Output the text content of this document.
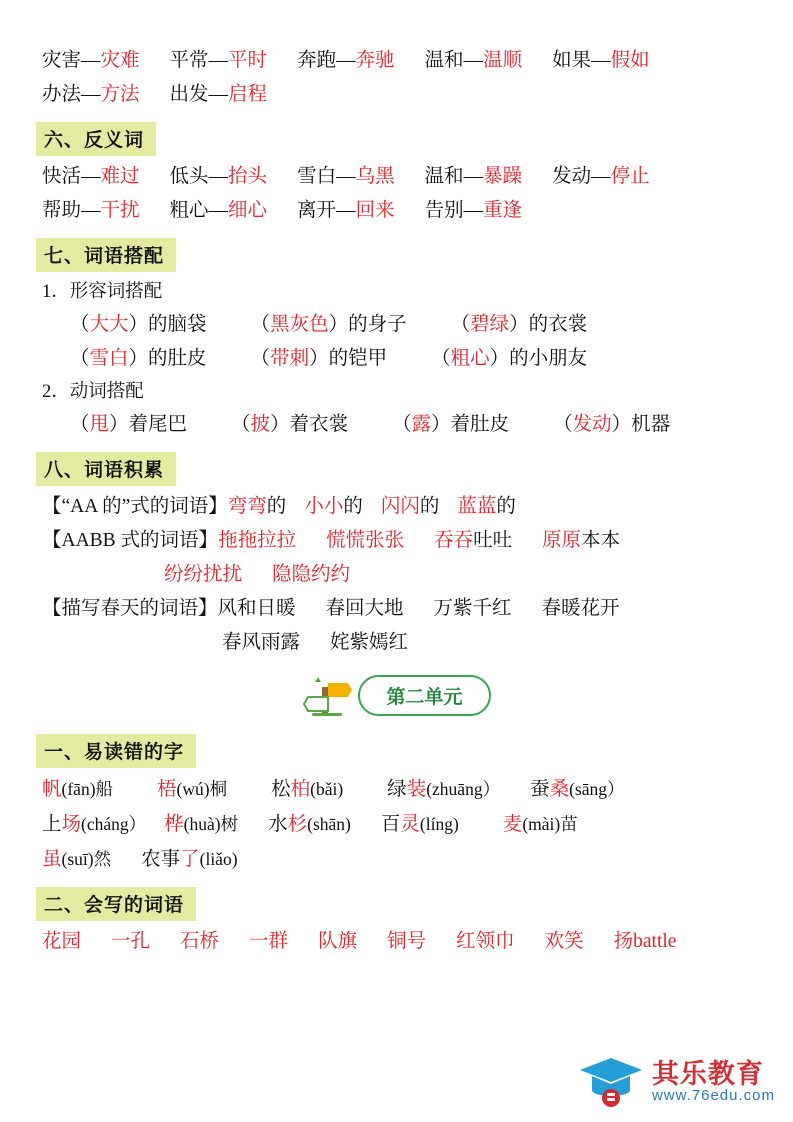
灾害—灾难 平常—平时 奔跑—奔驰 温和—温顺 如果—假如
办法—方法 出发—启程
六、反义词
快活—难过 低头—抬头 雪白—乌黑 温和—暴躁 发动—停止
帮助—干扰 粗心—细心 离开—回来 告别—重逢
七、词语搭配
1．形容词搭配
（大大）的脑袋 （黑灰色）的身子 （碧绿）的衣裳
（雪白）的肚皮 （带刺）的铠甲 （粗心）的小朋友
2．动词搭配
（甩）着尾巴 （披）着衣裳 （露）着肚皮 （发动）机器
八、词语积累
【“AA 的”式的词语】弯弯的 小小的 闪闪的 蓝蓝的
【AABB 式的词语】拖拖拉拉 慌慌张张 吞吞吐吐 原原本本
纷纷扰扰 隐隐约约
【描写春天的词语】风和日暖 春回大地 万紫千红 春暖花开
春风雨露 姹紫嫣红
第二单元
一、易读错的字
帆(fān)船 梧(wú)桐 松柏(bǎi) 绿装(zhuāng） 蚕桑(sāng）
上场(cháng） 桦(huà)树 水杉(shān) 百灵(líng) 麦(mài)苗
虽(suī)然 农事了(liǎo)
二、会写的词语
花园 一孔 石桥 一群 队旗 铜号 红领巾 欢笑 扬battle
其乐教育
www.76edu.com
